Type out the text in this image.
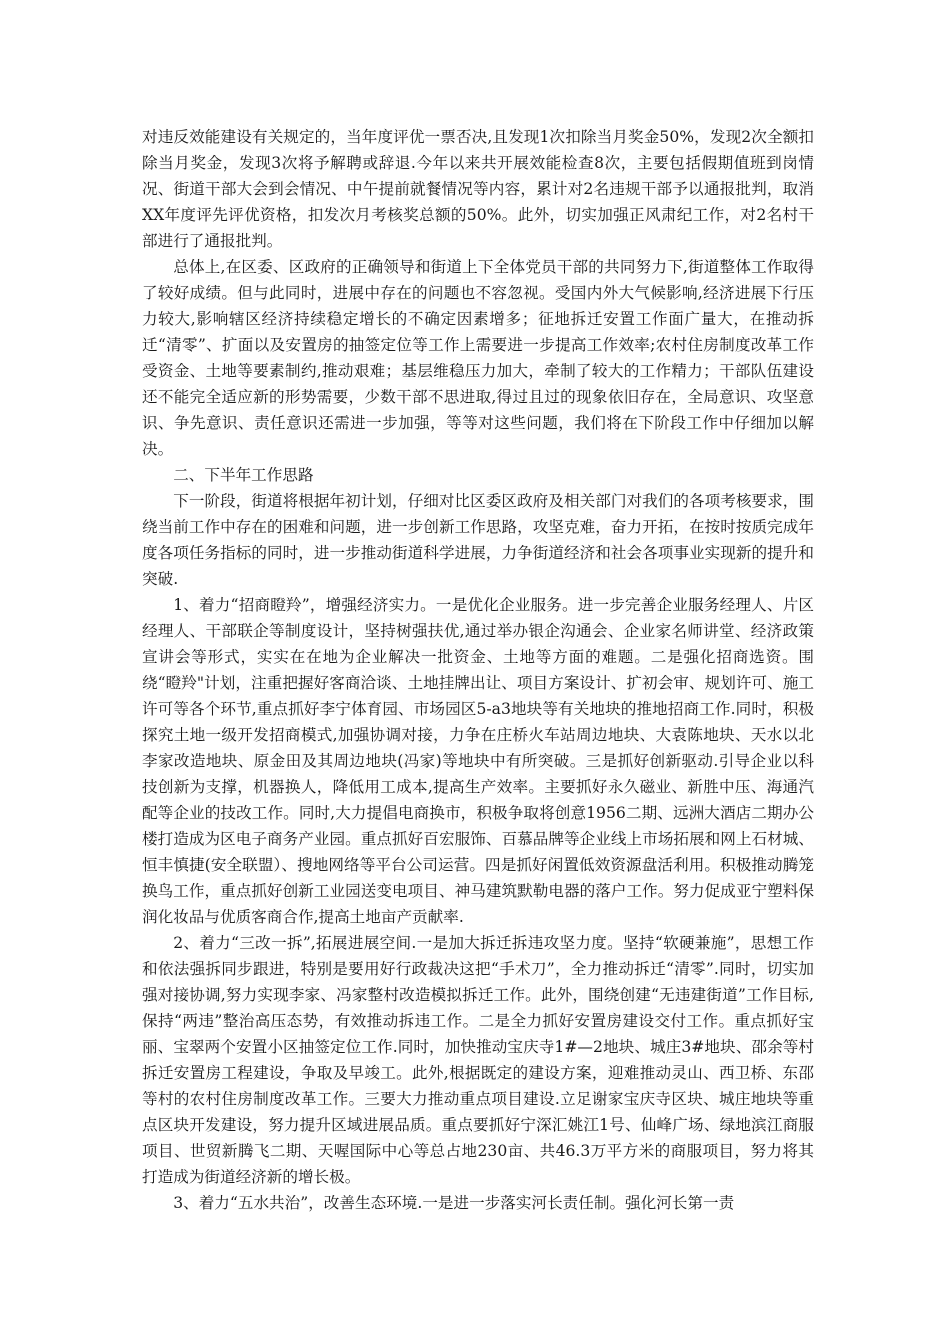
对违反效能建设有关规定的，当年度评优一票否决,且发现1次扣除当月奖金50%，发现2次全额扣除当月奖金，发现3次将予解聘或辞退.今年以来共开展效能检查8次，主要包括假期值班到岗情况、街道干部大会到会情况、中午提前就餐情况等内容，累计对2名违规干部予以通报批判，取消XX年度评先评优资格，扣发次月考核奖总额的50%。此外，切实加强正风肃纪工作，对2名村干部进行了通报批判。

总体上,在区委、区政府的正确领导和街道上下全体党员干部的共同努力下,街道整体工作取得了较好成绩。但与此同时，进展中存在的问题也不容忽视。受国内外大气候影响,经济进展下行压力较大,影响辖区经济持续稳定增长的不确定因素增多；征地拆迁安置工作面广量大，在推动拆迁“清零”、扩面以及安置房的抽签定位等工作上需要进一步提高工作效率;农村住房制度改革工作受资金、土地等要素制约,推动艰难；基层维稳压力加大，牵制了较大的工作精力；干部队伍建设还不能完全适应新的形势需要，少数干部不思进取,得过且过的现象依旧存在，全局意识、攻坚意识、争先意识、责任意识还需进一步加强，等等对这些问题，我们将在下阶段工作中仔细加以解决。

二、下半年工作思路

下一阶段，街道将根据年初计划，仔细对比区委区政府及相关部门对我们的各项考核要求，围绕当前工作中存在的困难和问题，进一步创新工作思路，攻坚克难，奋力开拓，在按时按质完成年度各项任务指标的同时，进一步推动街道科学进展，力争街道经济和社会各项事业实现新的提升和突破.

1、着力“招商瞪羚”，增强经济实力。一是优化企业服务。进一步完善企业服务经理人、片区经理人、干部联企等制度设计，坚持树强扶优,通过举办银企沟通会、企业家名师讲堂、经济政策宣讲会等形式，实实在在地为企业解决一批资金、土地等方面的难题。二是强化招商选资。围绕“瞪羚"计划，注重把握好客商洽谈、土地挂牌出让、项目方案设计、扩初会审、规划许可、施工许可等各个环节,重点抓好李宁体育园、市场园区5-a3地块等有关地块的推地招商工作.同时，积极探究土地一级开发招商模式,加强协调对接，力争在庄桥火车站周边地块、大袁陈地块、天水以北李家改造地块、原金田及其周边地块(冯家)等地块中有所突破。三是抓好创新驱动.引导企业以科技创新为支撑，机器换人，降低用工成本,提高生产效率。主要抓好永久磁业、新胜中压、海通汽配等企业的技改工作。同时,大力提倡电商换市，积极争取将创意1956二期、远洲大酒店二期办公楼打造成为区电子商务产业园。重点抓好百宏服饰、百慕品牌等企业线上市场拓展和网上石材城、恒丰慎捷(安全联盟）、搜地网络等平台公司运营。四是抓好闲置低效资源盘活利用。积极推动腾笼换鸟工作，重点抓好创新工业园送变电项目、神马建筑默勒电器的落户工作。努力促成亚宁塑料保润化妆品与优质客商合作,提高土地亩产贡献率.

2、着力“三改一拆”,拓展进展空间.一是加大拆迁拆违攻坚力度。坚持“软硬兼施”，思想工作和依法强拆同步跟进，特别是要用好行政裁决这把“手术刀”，全力推动拆迁“清零”.同时，切实加强对接协调,努力实现李家、冯家整村改造模拟拆迁工作。此外，围绕创建“无违建街道”工作目标,保持“两违”整治高压态势，有效推动拆违工作。二是全力抓好安置房建设交付工作。重点抓好宝丽、宝翠两个安置小区抽签定位工作.同时，加快推动宝庆寺1#—2地块、城庄3#地块、邵余等村拆迁安置房工程建设，争取及早竣工。此外,根据既定的建设方案，迎难推动灵山、西卫桥、东邵等村的农村住房制度改革工作。三要大力推动重点项目建设.立足谢家宝庆寺区块、城庄地块等重点区块开发建设，努力提升区域进展品质。重点要抓好宁深汇姚江1号、仙峰广场、绿地滨江商服项目、世贸新腾飞二期、天喔国际中心等总占地230亩、共46.3万平方米的商服项目，努力将其打造成为街道经济新的增长极。

3、着力“五水共治”，改善生态环境.一是进一步落实河长责任制。强化河长第一责
